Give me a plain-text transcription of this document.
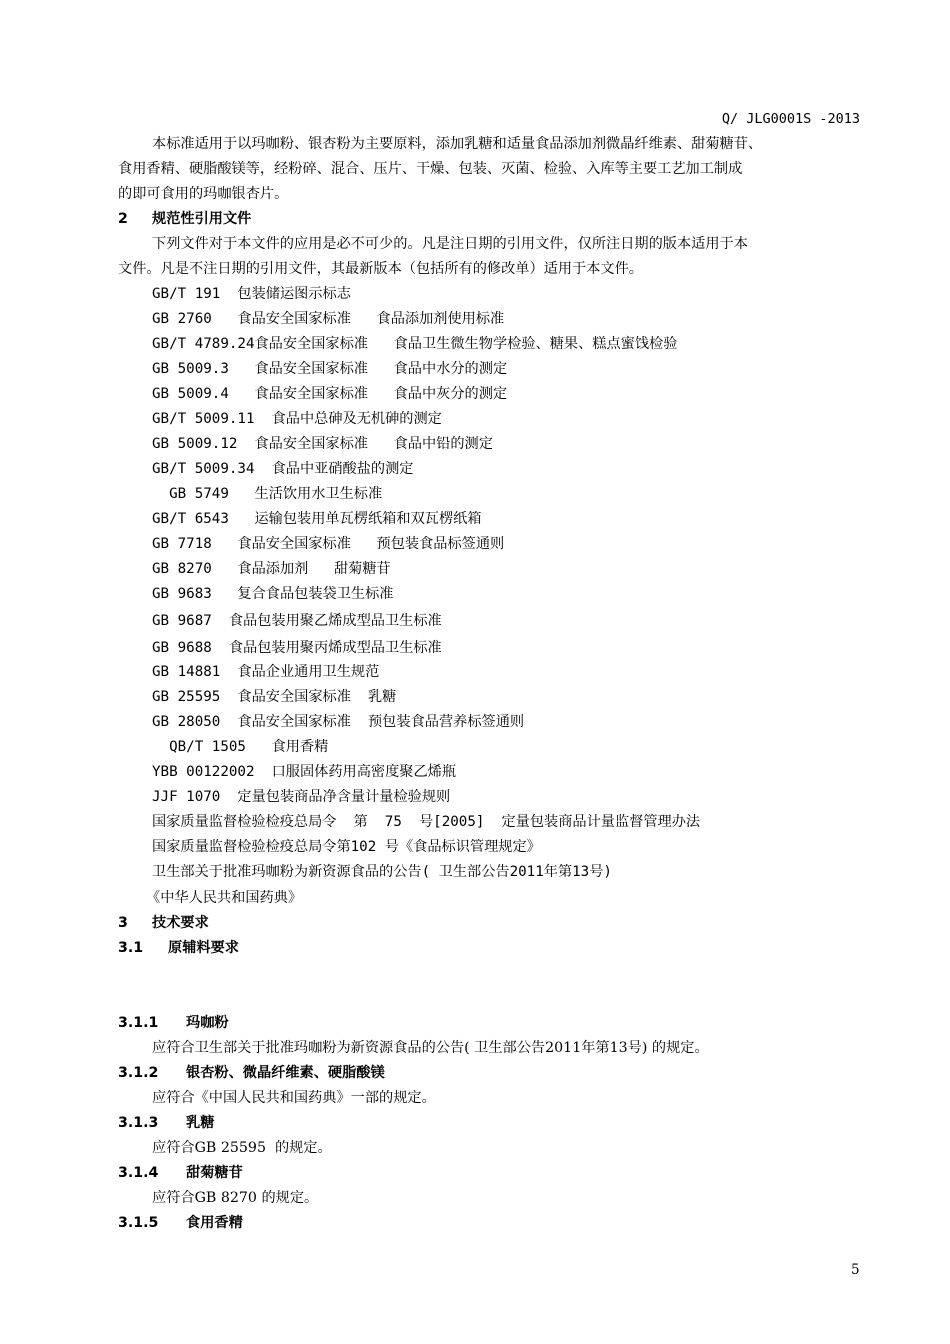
Q/ JLG0001S -2013
本标准适用于以玛咖粉、银杏粉为主要原料，添加乳糖和适量食品添加剂微晶纤维素、甜菊糖苷、
食用香精、硬脂酸镁等，经粉碎、混合、压片、干燥、包装、灭菌、检验、入库等主要工艺加工制成
的即可食用的玛咖银杏片。
2 规范性引用文件
下列文件对于本文件的应用是必不可少的。凡是注日期的引用文件，仅所注日期的版本适用于本
文件。凡是不注日期的引用文件，其最新版本（包括所有的修改单）适用于本文件。
GB/T 191  包装储运图示标志
GB 2760   食品安全国家标准   食品添加剂使用标准
GB/T 4789.24食品安全国家标准   食品卫生微生物学检验、糖果、糕点蜜饯检验
GB 5009.3   食品安全国家标准   食品中水分的测定
GB 5009.4   食品安全国家标准   食品中灰分的测定
GB/T 5009.11  食品中总砷及无机砷的测定
GB 5009.12  食品安全国家标准   食品中铅的测定
GB/T 5009.34  食品中亚硝酸盐的测定
GB 5749   生活饮用水卫生标准
GB/T 6543   运输包装用单瓦楞纸箱和双瓦楞纸箱
GB 7718   食品安全国家标准   预包装食品标签通则
GB 8270   食品添加剂   甜菊糖苷
GB 9683   复合食品包装袋卫生标准
GB 9687  食品包装用聚乙烯成型品卫生标准
GB 9688  食品包装用聚丙烯成型品卫生标准
GB 14881  食品企业通用卫生规范
GB 25595  食品安全国家标准  乳糖
GB 28050  食品安全国家标准  预包装食品营养标签通则
QB/T 1505   食用香精
YBB 00122002  口服固体药用高密度聚乙烯瓶
JJF 1070  定量包装商品净含量计量检验规则
国家质量监督检验检疫总局令  第  75  号[2005]  定量包装商品计量监督管理办法
国家质量监督检验检疫总局令第102 号《食品标识管理规定》
卫生部关于批准玛咖粉为新资源食品的公告( 卫生部公告2011年第13号)
《中华人民共和国药典》
3 技术要求
3.1 原辅料要求
3.1.1 玛咖粉
应符合卫生部关于批准玛咖粉为新资源食品的公告( 卫生部公告2011年第13号) 的规定。
3.1.2 银杏粉、微晶纤维素、硬脂酸镁
应符合《中国人民共和国药典》一部的规定。
3.1.3 乳糖
应符合GB 25595  的规定。
3.1.4 甜菊糖苷
应符合GB 8270 的规定。
3.1.5 食用香精
5
